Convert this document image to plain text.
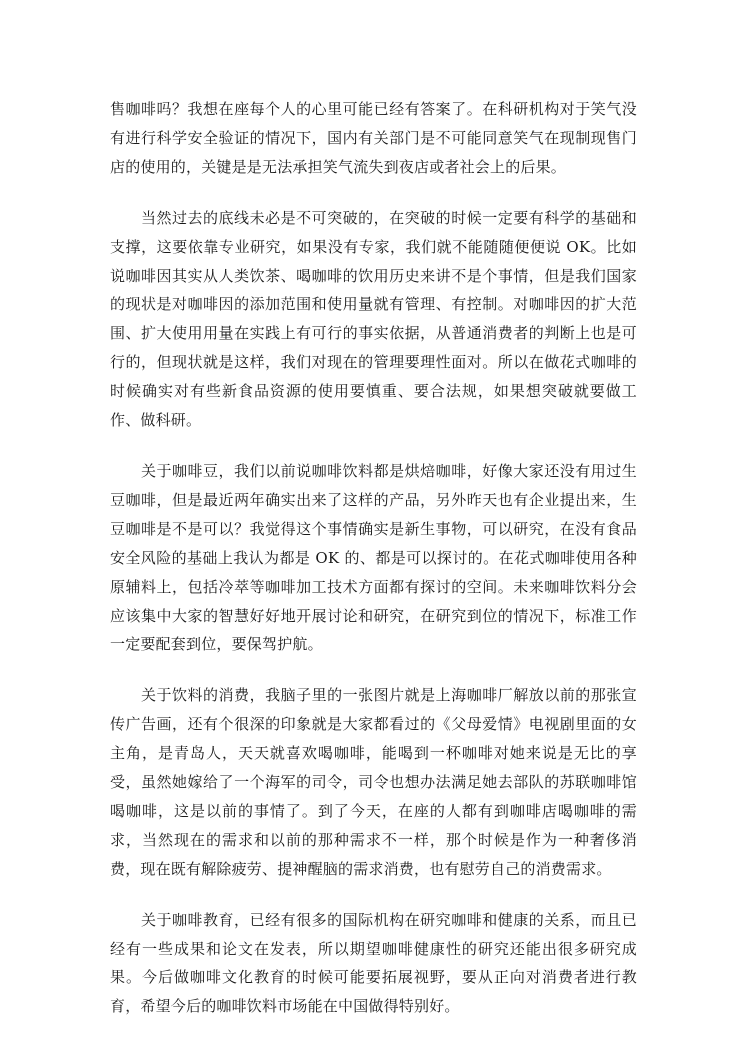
售咖啡吗？我想在座每个人的心里可能已经有答案了。在科研机构对于笑气没有进行科学安全验证的情况下，国内有关部门是不可能同意笑气在现制现售门店的使用的，关键是是无法承担笑气流失到夜店或者社会上的后果。

当然过去的底线未必是不可突破的，在突破的时候一定要有科学的基础和支撑，这要依靠专业研究，如果没有专家，我们就不能随随便便说 OK。比如说咖啡因其实从人类饮茶、喝咖啡的饮用历史来讲不是个事情，但是我们国家的现状是对咖啡因的添加范围和使用量就有管理、有控制。对咖啡因的扩大范围、扩大使用用量在实践上有可行的事实依据，从普通消费者的判断上也是可行的，但现状就是这样，我们对现在的管理要理性面对。所以在做花式咖啡的时候确实对有些新食品资源的使用要慎重、要合法规，如果想突破就要做工作、做科研。

关于咖啡豆，我们以前说咖啡饮料都是烘焙咖啡，好像大家还没有用过生豆咖啡，但是最近两年确实出来了这样的产品，另外昨天也有企业提出来，生豆咖啡是不是可以？我觉得这个事情确实是新生事物，可以研究，在没有食品安全风险的基础上我认为都是 OK 的、都是可以探讨的。在花式咖啡使用各种原辅料上，包括冷萃等咖啡加工技术方面都有探讨的空间。未来咖啡饮料分会应该集中大家的智慧好好地开展讨论和研究，在研究到位的情况下，标准工作一定要配套到位，要保驾护航。

关于饮料的消费，我脑子里的一张图片就是上海咖啡厂解放以前的那张宣传广告画，还有个很深的印象就是大家都看过的《父母爱情》电视剧里面的女主角，是青岛人，天天就喜欢喝咖啡，能喝到一杯咖啡对她来说是无比的享受，虽然她嫁给了一个海军的司令，司令也想办法满足她去部队的苏联咖啡馆喝咖啡，这是以前的事情了。到了今天，在座的人都有到咖啡店喝咖啡的需求，当然现在的需求和以前的那种需求不一样，那个时候是作为一种奢侈消费，现在既有解除疲劳、提神醒脑的需求消费，也有慰劳自己的消费需求。

关于咖啡教育，已经有很多的国际机构在研究咖啡和健康的关系，而且已经有一些成果和论文在发表，所以期望咖啡健康性的研究还能出很多研究成果。今后做咖啡文化教育的时候可能要拓展视野，要从正向对消费者进行教育，希望今后的咖啡饮料市场能在中国做得特别好。
